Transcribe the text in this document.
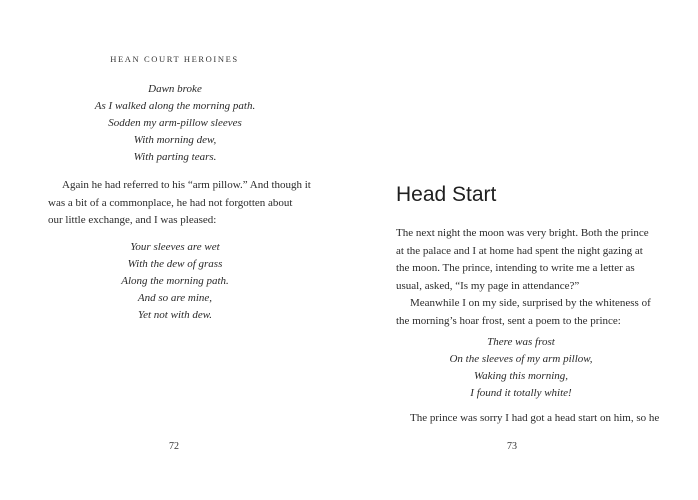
HEAN COURT HEROINES
Dawn broke
As I walked along the morning path.
Sodden my arm-pillow sleeves
With morning dew,
With parting tears.

Again he had referred to his “arm pillow.” And though it

was a bit of a commonplace, he had not forgotten about

our little exchange, and I was pleased:

Your sleeves are wet
With the dew of grass
Along the morning path.
And so are mine,
Yet not with dew.
72
Head Start

The next night the moon was very bright. Both the prince

at the palace and I at home had spent the night gazing at

the moon. The prince, intending to write me a letter as

usual, asked, “Is my page in attendance?”

Meanwhile I on my side, surprised by the whiteness of

the morning’s hoar frost, sent a poem to the prince:

There was frost
On the sleeves of my arm pillow,
Waking this morning,
I found it totally white!

The prince was sorry I had got a head start on him, so he

73
